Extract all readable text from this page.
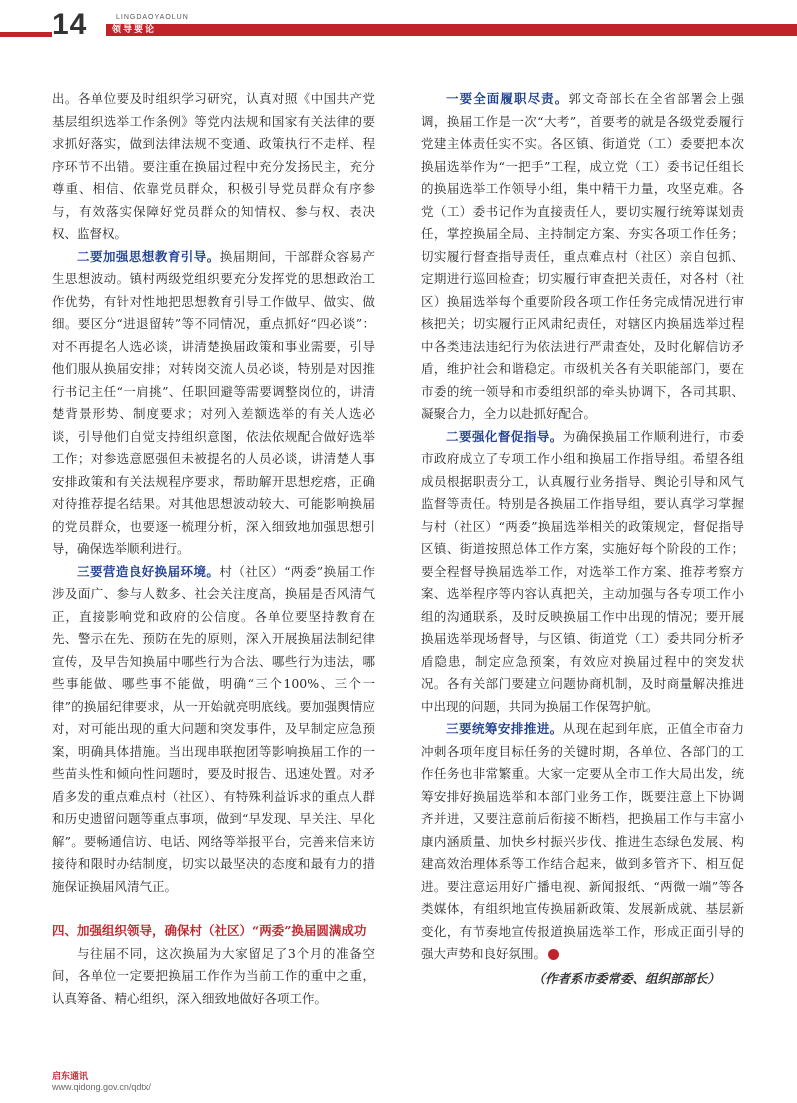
14	LINGDAOYAOLUN
领导要论

出。各单位要及时组织学习研究，认真对照《中国共产党基层组织选举工作条例》等党内法规和国家有关法律的要求抓好落实，做到法律法规不变通、政策执行不走样、程序环节不出错。要注重在换届过程中充分发扬民主，充分尊重、相信、依靠党员群众，积极引导党员群众有序参与，有效落实保障好党员群众的知情权、参与权、表决权、监督权。

二要加强思想教育引导。换届期间，干部群众容易产生思想波动。镇村两级党组织要充分发挥党的思想政治工作优势，有针对性地把思想教育引导工作做早、做实、做细。要区分“进退留转”等不同情况，重点抓好“四必谈”：对不再提名人选必谈，讲清楚换届政策和事业需要，引导他们服从换届安排；对转岗交流人员必谈，特别是对因推行书记主任“一肩挑”、任职回避等需要调整岗位的，讲清楚背景形势、制度要求；对列入差额选举的有关人选必谈，引导他们自觉支持组织意图，依法依规配合做好选举工作；对参选意愿强但未被提名的人员必谈，讲清楚人事安排政策和有关法规程序要求，帮助解开思想疙瘩，正确对待推荐提名结果。对其他思想波动较大、可能影响换届的党员群众，也要逐一梳理分析，深入细致地加强思想引导，确保选举顺利进行。

三要营造良好换届环境。村（社区）“两委”换届工作涉及面广、参与人数多、社会关注度高，换届是否风清气正，直接影响党和政府的公信度。各单位要坚持教育在先、警示在先、预防在先的原则，深入开展换届法制纪律宣传，及早告知换届中哪些行为合法、哪些行为违法，哪些事能做、哪些事不能做，明确“三个100%、三个一律”的换届纪律要求，从一开始就亮明底线。要加强舆情应对，对可能出现的重大问题和突发事件，及早制定应急预案，明确具体措施。当出现串联抱团等影响换届工作的一些苗头性和倾向性问题时，要及时报告、迅速处置。对矛盾多发的重点难点村（社区）、有特殊利益诉求的重点人群和历史遗留问题等重点事项，做到“早发现、早关注、早化解”。要畅通信访、电话、网络等举报平台，完善来信来访接待和限时办结制度，切实以最坚决的态度和最有力的措施保证换届风清气正。

四、加强组织领导，确保村（社区）“两委”换届圆满成功

与往届不同，这次换届为大家留足了3个月的准备空间，各单位一定要把换届工作作为当前工作的重中之重，认真筹备、精心组织，深入细致地做好各项工作。

一要全面履职尽责。郭文奇部长在全省部署会上强调，换届工作是一次“大考”，首要考的就是各级党委履行党建主体责任实不实。各区镇、街道党（工）委要把本次换届选举作为“一把手”工程，成立党（工）委书记任组长的换届选举工作领导小组，集中精干力量，攻坚克难。各党（工）委书记作为直接责任人，要切实履行统筹谋划责任，掌控换届全局、主持制定方案、夯实各项工作任务；切实履行督查指导责任，重点难点村（社区）亲自包抓、定期进行巡回检查；切实履行审查把关责任，对各村（社区）换届选举每个重要阶段各项工作任务完成情况进行审核把关；切实履行正风肃纪责任，对辖区内换届选举过程中各类违法违纪行为依法进行严肃查处，及时化解信访矛盾，维护社会和谐稳定。市级机关各有关职能部门，要在市委的统一领导和市委组织部的牵头协调下，各司其职、凝聚合力，全力以赴抓好配合。

二要强化督促指导。为确保换届工作顺利进行，市委市政府成立了专项工作小组和换届工作指导组。希望各组成员根据职责分工，认真履行业务指导、舆论引导和风气监督等责任。特别是各换届工作指导组，要认真学习掌握与村（社区）“两委”换届选举相关的政策规定，督促指导区镇、街道按照总体工作方案，实施好每个阶段的工作；要全程督导换届选举工作，对选举工作方案、推荐考察方案、选举程序等内容认真把关，主动加强与各专项工作小组的沟通联系，及时反映换届工作中出现的情况；要开展换届选举现场督导，与区镇、街道党（工）委共同分析矛盾隐患，制定应急预案，有效应对换届过程中的突发状况。各有关部门要建立问题协商机制，及时商量解决推进中出现的问题，共同为换届工作保驾护航。

三要统筹安排推进。从现在起到年底，正值全市奋力冲刺各项年度目标任务的关键时期，各单位、各部门的工作任务也非常繁重。大家一定要从全市工作大局出发，统筹安排好换届选举和本部门业务工作，既要注意上下协调齐并进，又要注意前后衔接不断档，把换届工作与丰富小康内涵质量、加快乡村振兴步伐、推进生态绿色发展、构建高效治理体系等工作结合起来，做到多管齐下、相互促进。要注意运用好广播电视、新闻报纸、“两微一端”等各类媒体，有组织地宣传换届新政策、发展新成就、基层新变化，有节奏地宣传报道换届选举工作，形成正面引导的强大声势和良好氛围。

（作者系市委常委、组织部部长）

启东通讯
www.qidong.gov.cn/qdtx/
